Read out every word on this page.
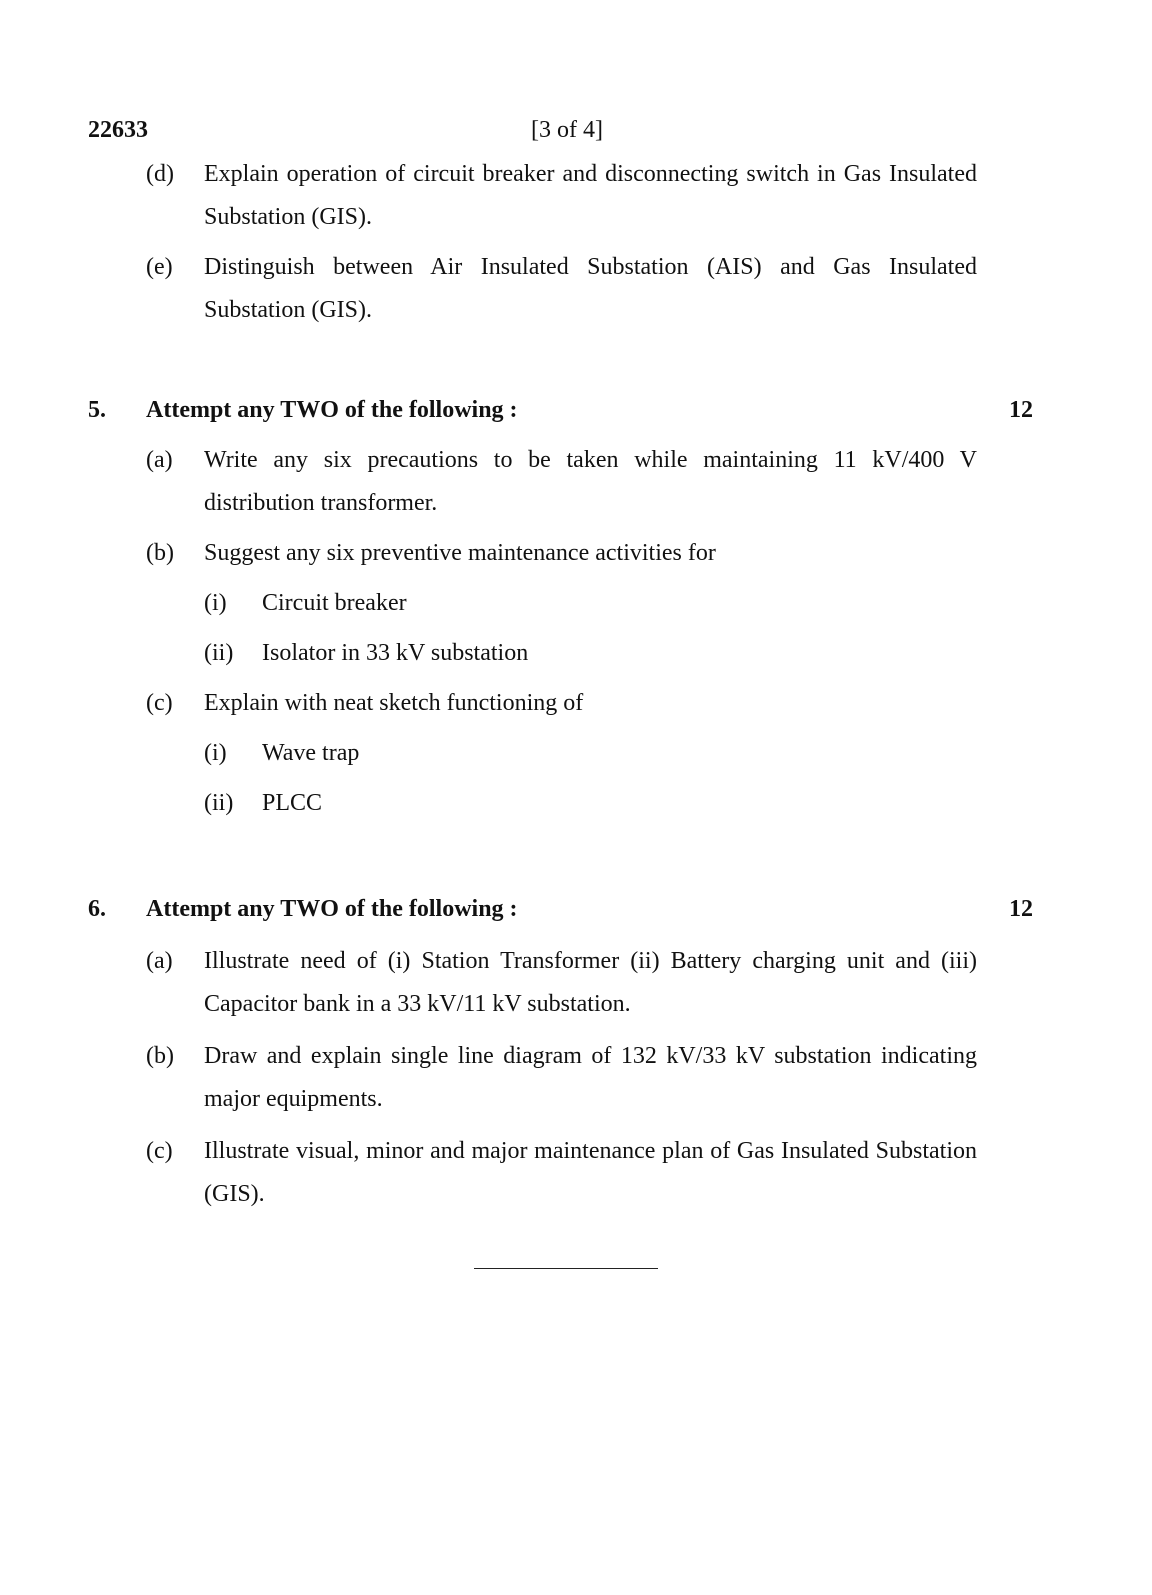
22633	[3 of 4]
(d) Explain operation of circuit breaker and disconnecting switch in Gas Insulated Substation (GIS).
(e) Distinguish between Air Insulated Substation (AIS) and Gas Insulated Substation (GIS).
5. Attempt any TWO of the following :	12
(a) Write any six precautions to be taken while maintaining 11 kV/400 V distribution transformer.
(b) Suggest any six preventive maintenance activities for
(i) Circuit breaker
(ii) Isolator in 33 kV substation
(c) Explain with neat sketch functioning of
(i) Wave trap
(ii) PLCC
6. Attempt any TWO of the following :	12
(a) Illustrate need of (i) Station Transformer (ii) Battery charging unit and (iii) Capacitor bank in a 33 kV/11 kV substation.
(b) Draw and explain single line diagram of 132 kV/33 kV substation indicating major equipments.
(c) Illustrate visual, minor and major maintenance plan of Gas Insulated Substation (GIS).
